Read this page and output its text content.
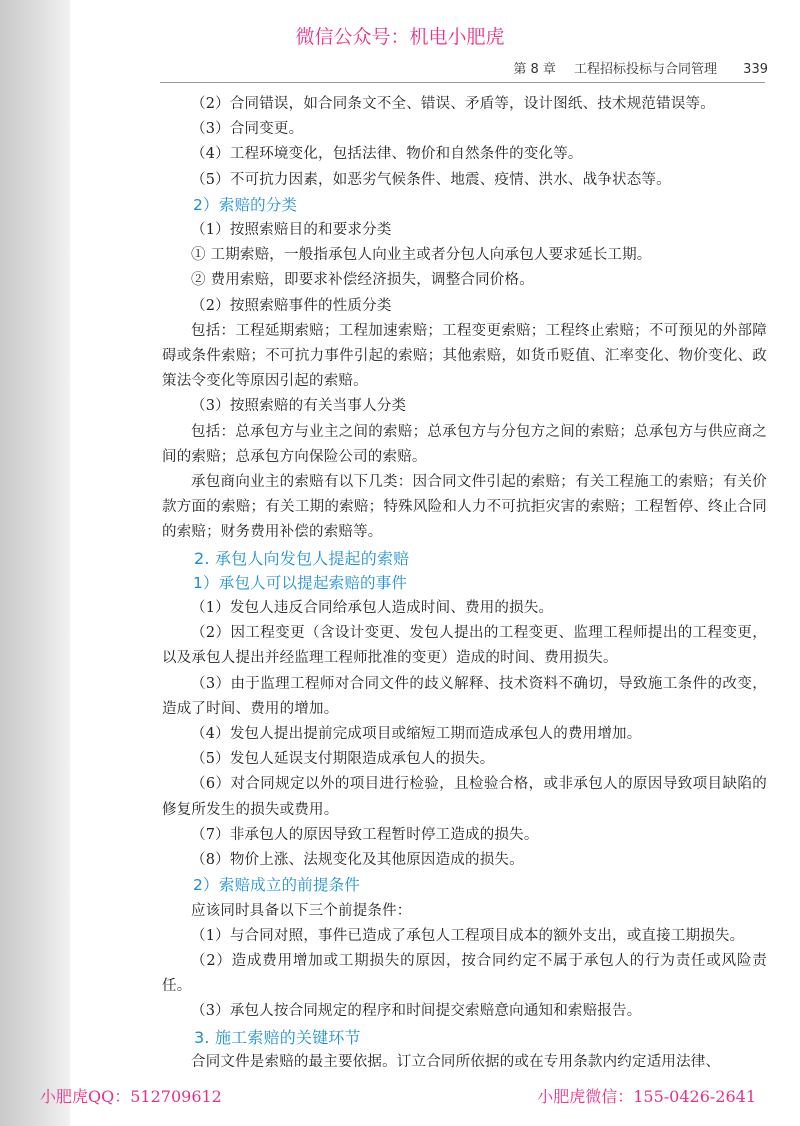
微信公众号：机电小肥虎
第 8 章 工程招标投标与合同管理 339

（2）合同错误，如合同条文不全、错误、矛盾等，设计图纸、技术规范错误等。

（3）合同变更。

（4）工程环境变化，包括法律、物价和自然条件的变化等。

（5）不可抗力因素，如恶劣气候条件、地震、疫情、洪水、战争状态等。

2）索赔的分类

（1）按照索赔目的和要求分类

① 工期索赔，一般指承包人向业主或者分包人向承包人要求延长工期。

② 费用索赔，即要求补偿经济损失，调整合同价格。

（2）按照索赔事件的性质分类

包括：工程延期索赔；工程加速索赔；工程变更索赔；工程终止索赔；不可预见的外部障碍或条件索赔；不可抗力事件引起的索赔；其他索赔，如货币贬值、汇率变化、物价变化、政策法令变化等原因引起的索赔。

（3）按照索赔的有关当事人分类

包括：总承包方与业主之间的索赔；总承包方与分包方之间的索赔；总承包方与供应商之间的索赔；总承包方向保险公司的索赔。

承包商向业主的索赔有以下几类：因合同文件引起的索赔；有关工程施工的索赔；有关价款方面的索赔；有关工期的索赔；特殊风险和人力不可抗拒灾害的索赔；工程暂停、终止合同的索赔；财务费用补偿的索赔等。

2. 承包人向发包人提起的索赔

1）承包人可以提起索赔的事件

（1）发包人违反合同给承包人造成时间、费用的损失。

（2）因工程变更（含设计变更、发包人提出的工程变更、监理工程师提出的工程变更，以及承包人提出并经监理工程师批准的变更）造成的时间、费用损失。

（3）由于监理工程师对合同文件的歧义解释、技术资料不确切，导致施工条件的改变，造成了时间、费用的增加。

（4）发包人提出提前完成项目或缩短工期而造成承包人的费用增加。

（5）发包人延误支付期限造成承包人的损失。

（6）对合同规定以外的项目进行检验，且检验合格，或非承包人的原因导致项目缺陷的修复所发生的损失或费用。

（7）非承包人的原因导致工程暂时停工造成的损失。

（8）物价上涨、法规变化及其他原因造成的损失。

2）索赔成立的前提条件

应该同时具备以下三个前提条件：

（1）与合同对照，事件已造成了承包人工程项目成本的额外支出，或直接工期损失。

（2）造成费用增加或工期损失的原因，按合同约定不属于承包人的行为责任或风险责任。

（3）承包人按合同规定的程序和时间提交索赔意向通知和索赔报告。

3. 施工索赔的关键环节

合同文件是索赔的最主要依据。订立合同所依据的或在专用条款内约定适用法律、

小肥虎QQ：512709612	小肥虎微信：155-0426-2641
